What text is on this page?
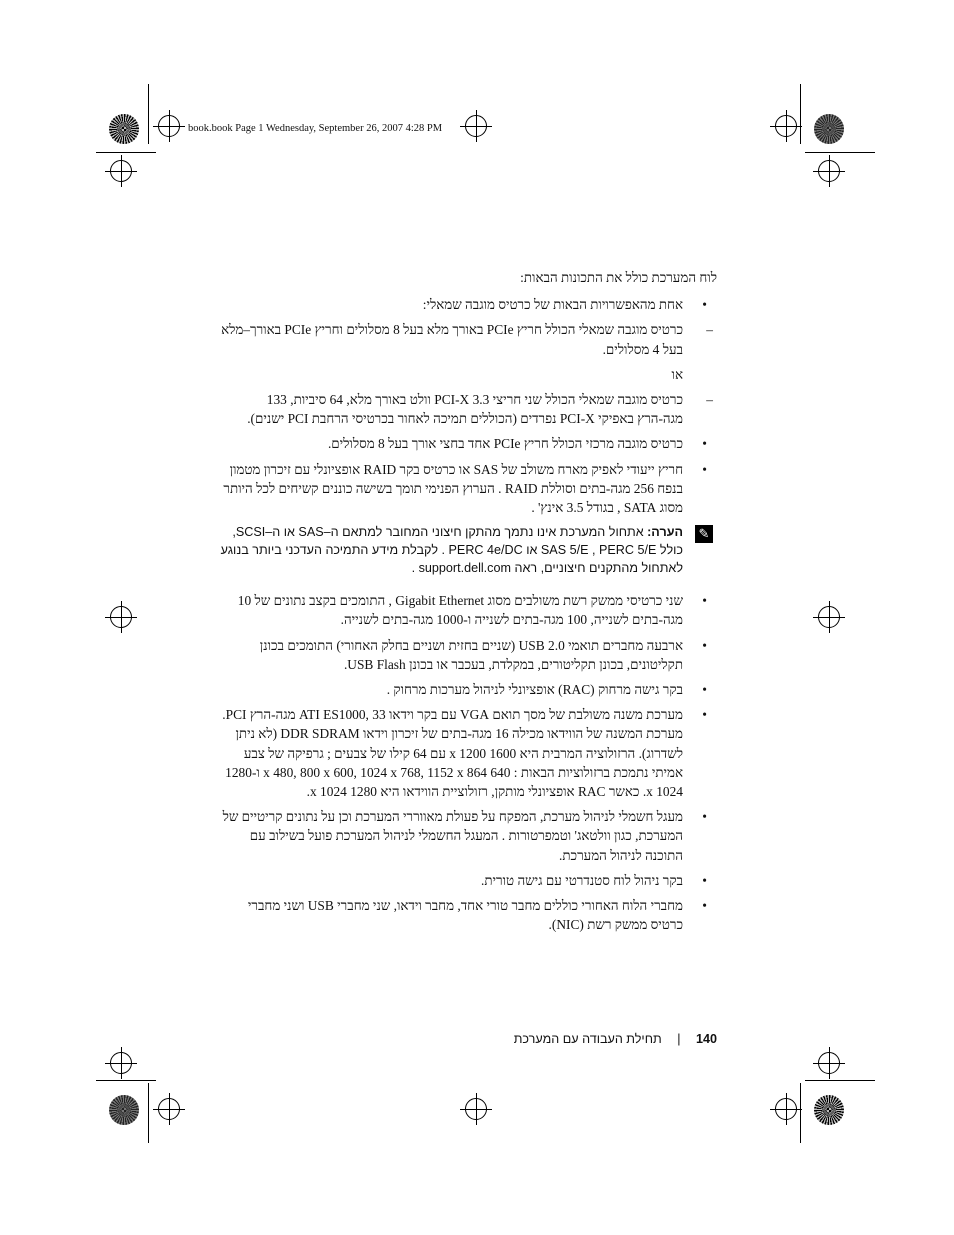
book.book Page 1 Wednesday, September 26, 2007 4:28 PM

לוח המערכת כולל את התכונות הבאות:

•
אחת מהאפשרויות הבאות של כרטיס מוגבה שמאלי:
–
כרטיס מוגבה שמאלי הכולל חריץ PCIe באורך מלא בעל 8 מסלולים וחריץ PCIe באורך–מלא בעל 4 מסלולים.
או
–
כרטיס מוגבה שמאלי הכולל שני חריצי PCI-X 3.3 וולט באורך מלא, 64 סיביות, 133 מגה-הרץ באפיקי PCI-X נפרדים (הכוללים תמיכה לאחור בכרטיסי הרחבת PCI ישנים).
•
כרטיס מוגבה מרכזי הכולל חריץ PCIe אחד בחצי אורך בעל 8 מסלולים.
•
חריץ ייעודי לאפיק מארח משולב של SAS או כרטיס בקר RAID אופציונלי עם זיכרון מטמון בנפח 256 מגה-בתים וסוללת RAID . הערוץ הפנימי תומך בשישה כוננים קשיחים לכל היותר מסוג SATA , בגודל 3.5 אינץ' .
✎
הערה: אתחול המערכת אינו נתמך מהתקן חיצוני המחובר למתאם ה–SAS או ה–SCSI, כולל SAS 5/E , PERC 5/E או PERC 4e/DC . לקבלת מידע התמיכה העדכני ביותר בנוגע לאתחול מהתקנים חיצוניים, ראה support.dell.com .
•
שני כרטיסי ממשק רשת משולבים מסוג Gigabit Ethernet , התומכים בקצב נתונים של 10 מגה-בתים לשנייה, 100 מגה-בתים לשנייה ו-1000 מגה-בתים לשנייה.
•
ארבעה מחברים תואמי USB 2.0 (שניים בחזית ושניים בחלק האחורי) התומכים בכונן תקליטונים, בכונן תקליטורים, במקלדת, בעכבר או בכונן USB Flash.
•
בקר גישה מרחוק (RAC) אופציונלי לניהול מערכות מרחוק .
•
מערכת משנה משולבת של מסך תואם VGA עם בקר וידאו ATI ES1000, 33 מגה-הרץ PCI. מערכת המשנה של הווידאו מכילה 16 מגה-בתים של זיכרון וידאו DDR SDRAM (לא ניתן לשדרוג). הרזולוציה המרבית היא 1600 x 1200 עם 64 קילו של צבעים ; גרפיקה של צבע אמיתי נתמכת ברזולוציות הבאות : 640 x 480, 800 x 600, 1024 x 768, 1152 x 864 ו-1280 x 1024. כאשר RAC אופציונלי מותקן, רזולוציית הווידאו היא 1280 x 1024.
•
מעגל חשמלי לניהול מערכת, המפקח על פעולת מאווררי המערכת וכן על נתונים קריטיים של המערכת, כגון וולטאג' וטמפרטורות . המעגל החשמלי לניהול המערכת פועל בשילוב עם התוכנה לניהול המערכת.
•
בקר ניהול לוח סטנדרטי עם גישה טורית.
•
מחברי הלוח האחורי כוללים מחבר טורי אחד, מחבר וידאו, שני מחברי USB ושני מחברי כרטיס ממשק רשת (NIC).
140 | תחילת העבודה עם המערכת
